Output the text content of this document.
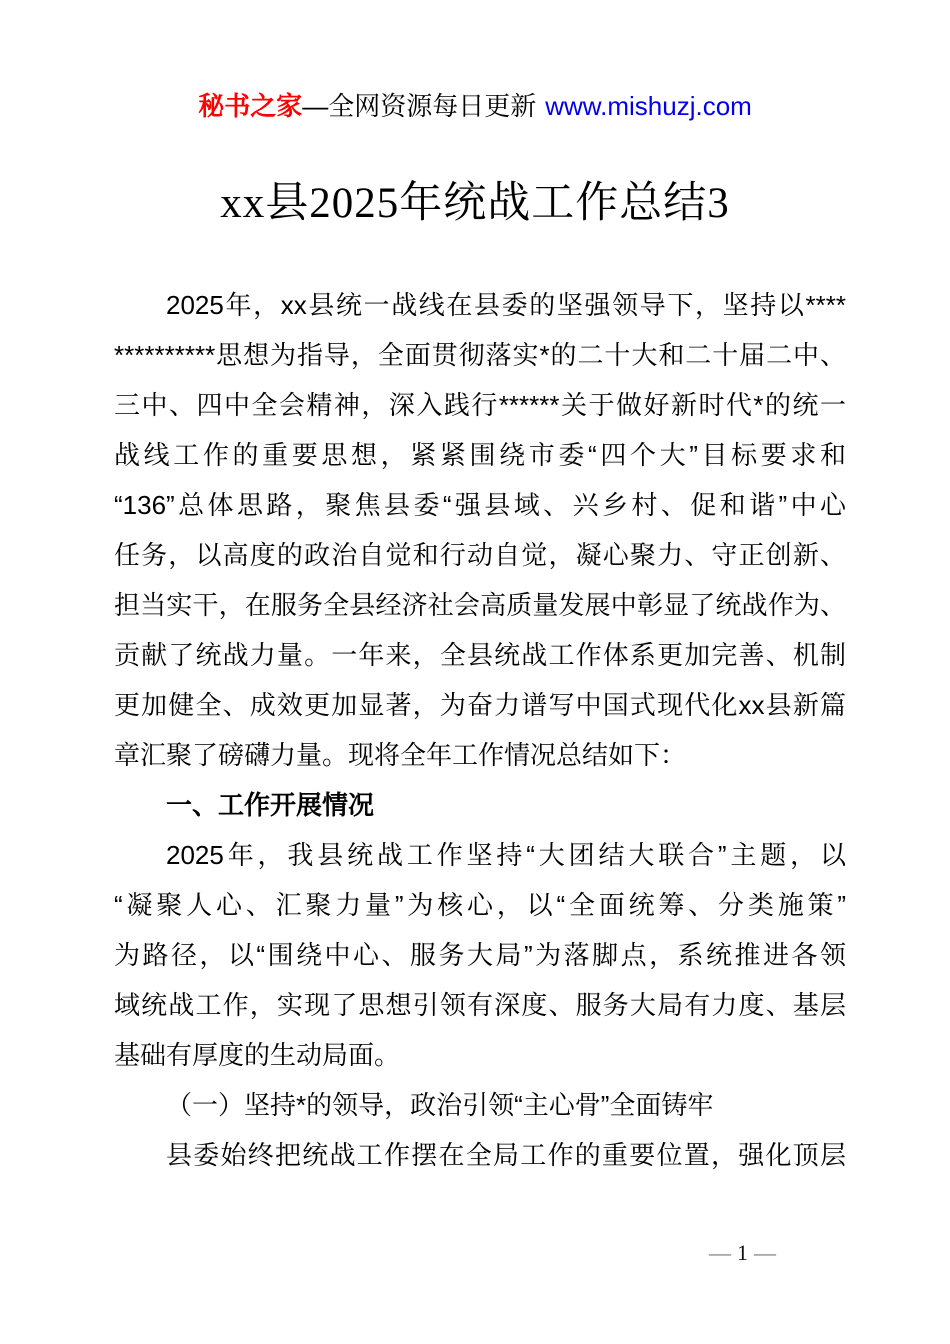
秘书之家—全网资源每日更新 www.mishuzj.com
xx县2025年统战工作总结3
2025年，xx县统一战线在县委的坚强领导下，坚持以****
**********思想为指导，全面贯彻落实*的二十大和二十届二中、
三中、四中全会精神，深入践行******关于做好新时代*的统一
战线工作的重要思想，紧紧围绕市委“四个大”目标要求和
“136”总体思路，聚焦县委“强县域、兴乡村、促和谐”中心
任务，以高度的政治自觉和行动自觉，凝心聚力、守正创新、
担当实干，在服务全县经济社会高质量发展中彰显了统战作为、
贡献了统战力量。一年来，全县统战工作体系更加完善、机制
更加健全、成效更加显著，为奋力谱写中国式现代化xx县新篇
章汇聚了磅礴力量。现将全年工作情况总结如下：
一、工作开展情况
2025年，我县统战工作坚持“大团结大联合”主题，以
“凝聚人心、汇聚力量”为核心，以“全面统筹、分类施策”
为路径，以“围绕中心、服务大局”为落脚点，系统推进各领
域统战工作，实现了思想引领有深度、服务大局有力度、基层
基础有厚度的生动局面。
（一）坚持*的领导，政治引领“主心骨”全面铸牢
县委始终把统战工作摆在全局工作的重要位置，强化顶层
— 1 —
